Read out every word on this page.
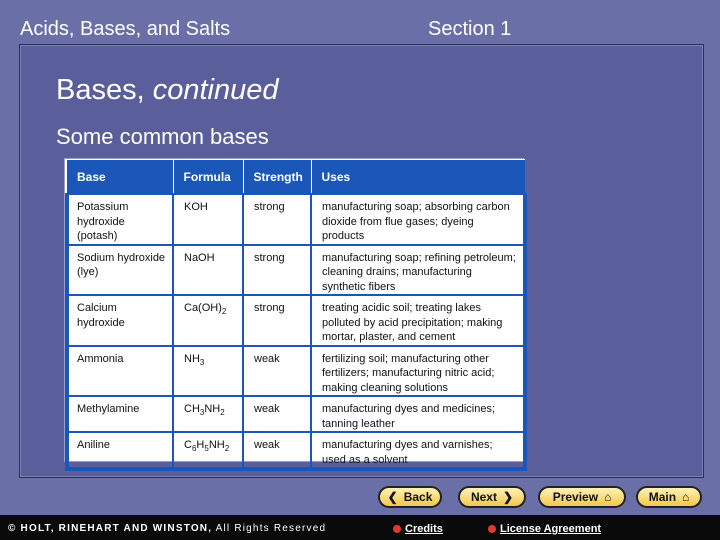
Acids, Bases, and Salts	Section 1
Bases, continued
Some common bases
Base	Formula	Strength	Uses
Potassium hydroxide (potash)	KOH	strong	manufacturing soap; absorbing carbon dioxide from flue gases; dyeing products
Sodium hydroxide (lye)	NaOH	strong	manufacturing soap; refining petroleum; cleaning drains; manufacturing synthetic fibers
Calcium hydroxide	$Ca(OH)_2$	strong	treating acidic soil; treating lakes polluted by acid precipitation; making mortar, plaster, and cement
Ammonia	$NH_3$	weak	fertilizing soil; manufacturing other fertilizers; manufacturing nitric acid; making cleaning solutions
Methylamine	$CH_3NH_2$	weak	manufacturing dyes and medicines; tanning leather
Aniline	$C_6H_5NH_2$	weak	manufacturing dyes and varnishes; used as a solvent
❮ Back	Next ❯	Preview ⌂	Main ⌂
© HOLT, RINEHART AND WINSTON, All Rights Reserved	Credits	License Agreement
